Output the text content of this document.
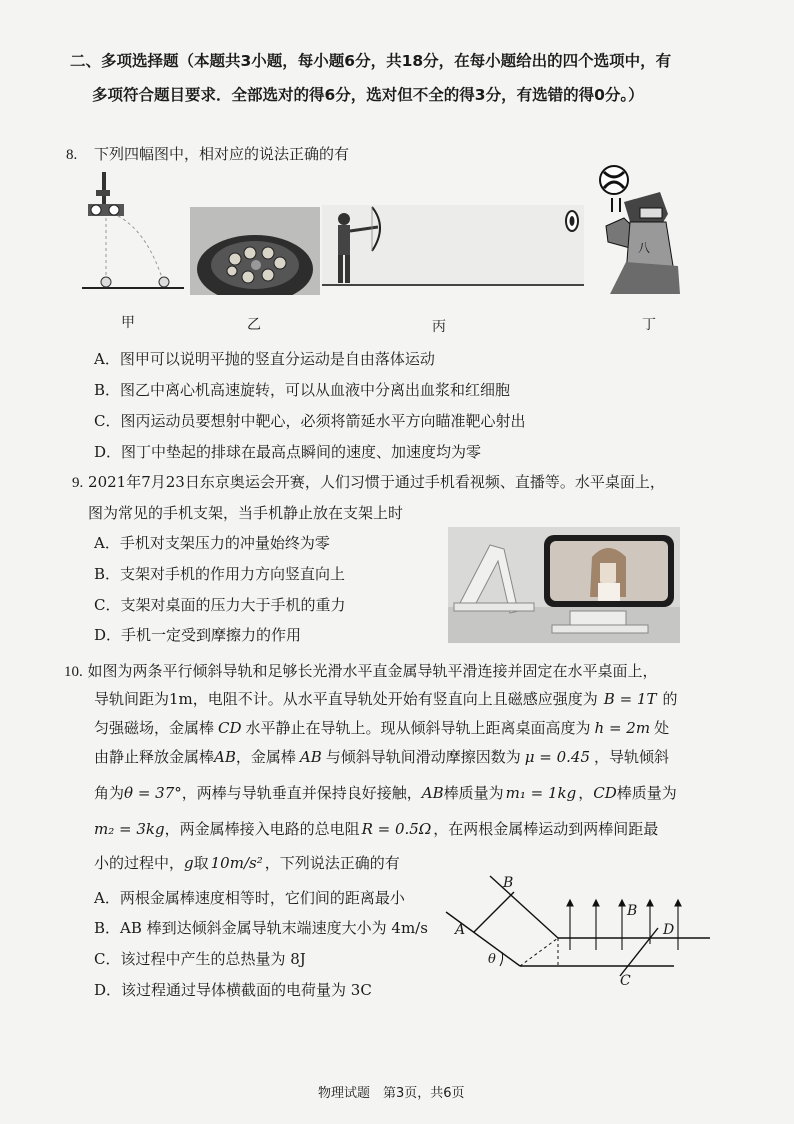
二、多项选择题（本题共3小题，每小题6分，共18分，在每小题给出的四个选项中，有
多项符合题目要求．全部选对的得6分，选对但不全的得3分，有选错的得0分。）
8. 下列四幅图中，相对应的说法正确的有
八
甲	乙	丙	丁
A．图甲可以说明平抛的竖直分运动是自由落体运动
B．图乙中离心机高速旋转，可以从血液中分离出血浆和红细胞
C．图丙运动员要想射中靶心，必须将箭延水平方向瞄准靶心射出
D．图丁中垫起的排球在最高点瞬间的速度、加速度均为零
9. 2021年7月23日东京奥运会开赛，人们习惯于通过手机看视频、直播等。水平桌面上，
图为常见的手机支架，当手机静止放在支架上时
A．手机对支架压力的冲量始终为零
B．支架对手机的作用力方向竖直向上
C．支架对桌面的压力大于手机的重力
D．手机一定受到摩擦力的作用
10. 如图为两条平行倾斜导轨和足够长光滑水平直金属导轨平滑连接并固定在水平桌面上，
导轨间距为1m，电阻不计。从水平直导轨处开始有竖直向上且磁感应强度为 B = 1T 的
匀强磁场，金属棒 CD 水平静止在导轨上。现从倾斜导轨上距离桌面高度为 h = 2m 处
由静止释放金属棒AB，金属棒 AB 与倾斜导轨间滑动摩擦因数为 μ = 0.45 ，导轨倾斜
角为θ = 37°，两棒与导轨垂直并保持良好接触，AB棒质量为 m₁ = 1kg ，CD棒质量为
m₂ = 3kg，两金属棒接入电路的总电阻 R = 0.5Ω ，在两根金属棒运动到两棒间距最
小的过程中，g取 10m/s² ，下列说法正确的有
A．两根金属棒速度相等时，它们间的距离最小
B．AB 棒到达倾斜金属导轨末端速度大小为 4m/s
C．该过程中产生的总热量为 8J
D．该过程通过导体横截面的电荷量为 3C
B
A
B
D
C
θ
物理试题　第3页，共6页
